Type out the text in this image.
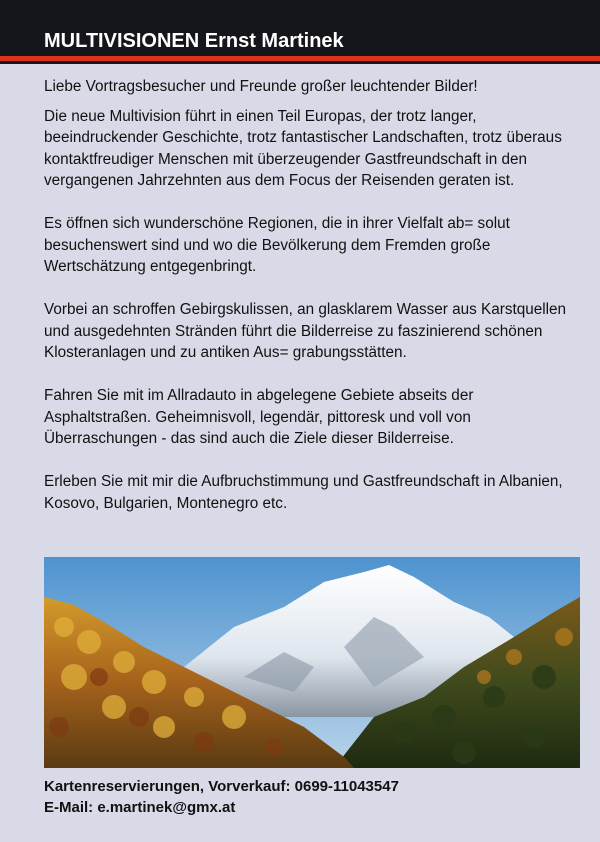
MULTIVISIONEN Ernst Martinek

Liebe Vortragsbesucher und Freunde großer leuchtender Bilder!

Die neue Multivision führt in einen Teil Europas, der trotz langer, beeindruckender Geschichte, trotz fantastischer Landschaften, trotz überaus kontaktfreudiger Menschen mit überzeugender Gastfreundschaft in den vergangenen Jahrzehnten aus dem Focus der Reisenden geraten ist.

Es öffnen sich wunderschöne Regionen, die in ihrer Vielfalt ab= solut besuchenswert sind und wo die Bevölkerung dem Fremden große Wertschätzung entgegenbringt.

Vorbei an schroffen Gebirgskulissen, an glasklarem Wasser aus Karstquellen und ausgedehnten Stränden führt die Bilderreise zu faszinierend schönen Klosteranlagen und zu antiken Aus= grabungsstätten.

Fahren Sie mit im Allradauto in abgelegene Gebiete abseits der Asphaltstraßen. Geheimnisvoll, legendär, pittoresk und voll von Überraschungen - das sind auch die Ziele dieser Bilderreise.

Erleben Sie mit mir die Aufbruchstimmung und Gastfreundschaft in Albanien, Kosovo, Bulgarien, Montenegro etc.

Kartenreservierungen, Vorverkauf: 0699-11043547
E-Mail: e.martinek@gmx.at
